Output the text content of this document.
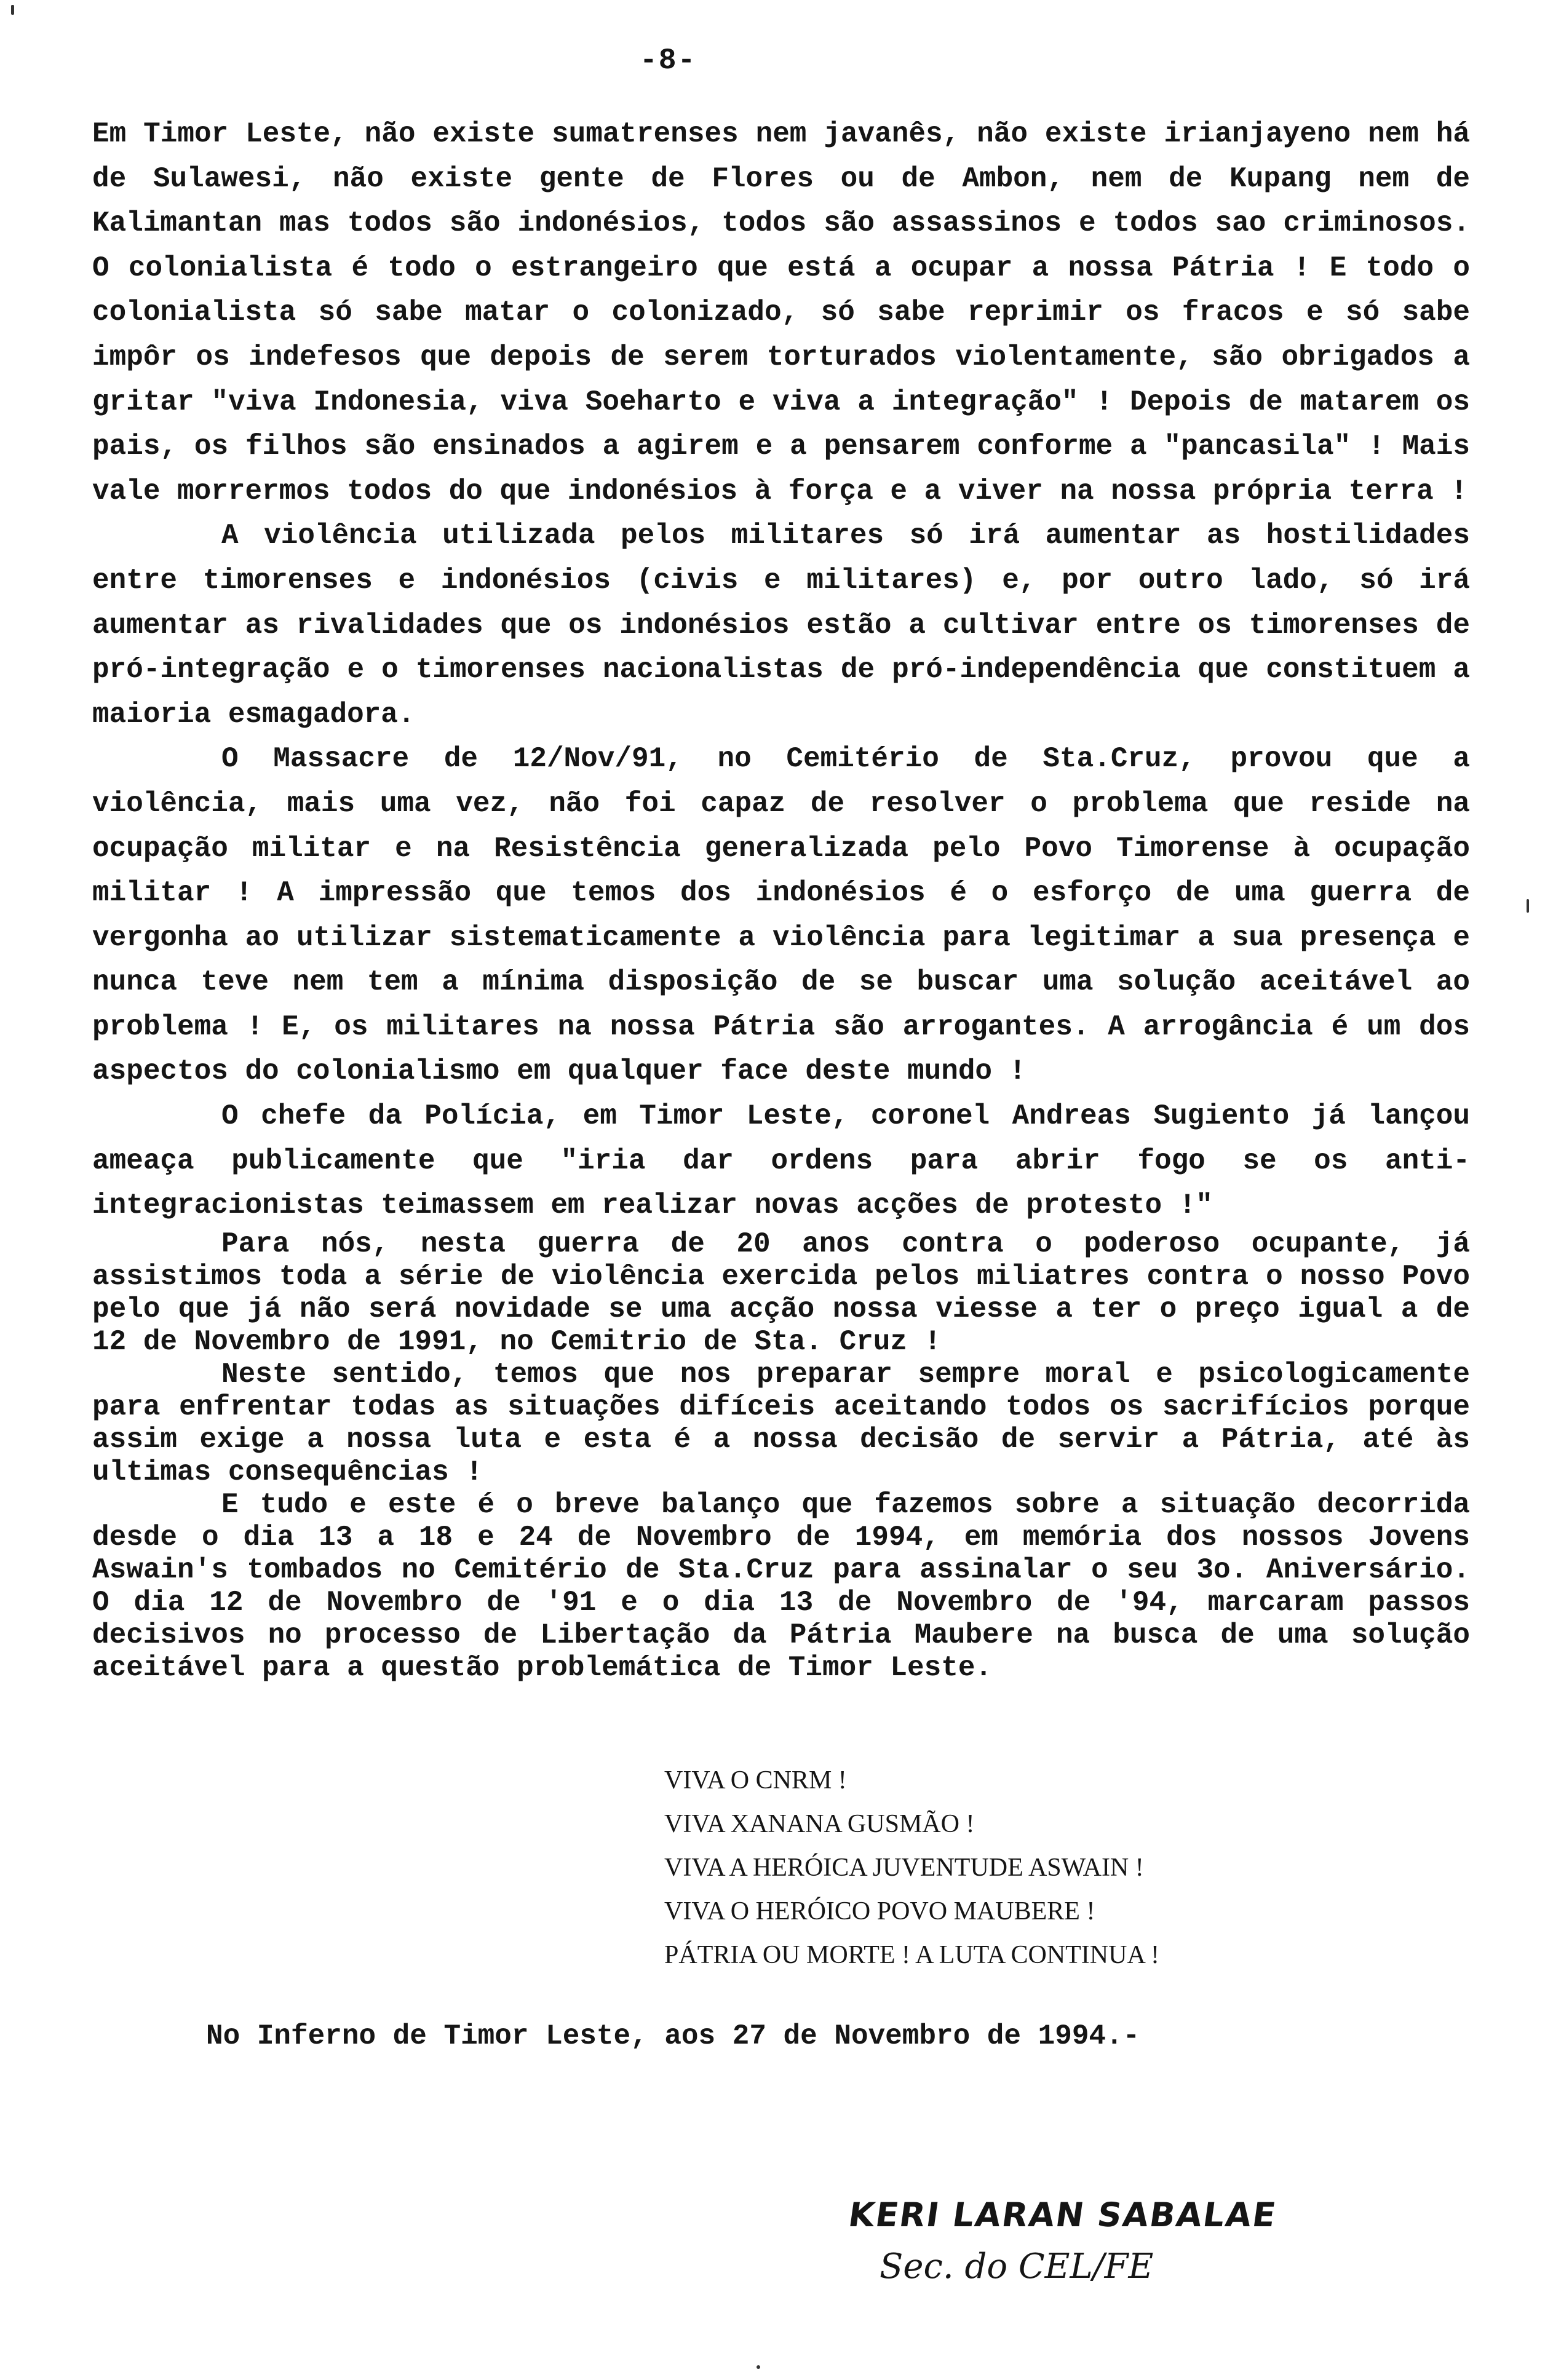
-8-

Em Timor Leste, não existe sumatrenses nem javanês, não existe irianjayeno nem há de Sulawesi, não existe gente de Flores ou de Ambon, nem de Kupang nem de Kalimantan mas todos são indonésios, todos são assassinos e todos sao criminosos. O colonialista é todo o estrangeiro que está a ocupar a nossa Pátria ! E todo o colonialista só sabe matar o colonizado, só sabe reprimir os fracos e só sabe impôr os indefesos que depois de serem torturados violentamente, são obrigados a gritar "viva Indonesia, viva Soeharto e viva a integração" ! Depois de matarem os pais, os filhos são ensinados a agirem e a pensarem conforme a "pancasila" ! Mais vale morrermos todos do que indonésios à força e a viver na nossa própria terra !

A violência utilizada pelos militares só irá aumentar as hostilidades entre timorenses e indonésios (civis e militares) e, por outro lado, só irá aumentar as rivalidades que os indonésios estão a cultivar entre os timorenses de pró-integração e o timorenses nacionalistas de pró-independência que constituem a maioria esmagadora.

O Massacre de 12/Nov/91, no Cemitério de Sta.Cruz, provou que a violência, mais uma vez, não foi capaz de resolver o problema que reside na ocupação militar e na Resistência generalizada pelo Povo Timorense à ocupação militar ! A impressão que temos dos indonésios é o esforço de uma guerra de vergonha ao utilizar sistematicamente a violência para legitimar a sua presença e nunca teve nem tem a mínima disposição de se buscar uma solução aceitável ao problema ! E, os militares na nossa Pátria são arrogantes. A arrogância é um dos aspectos do colonialismo em qualquer face deste mundo !

O chefe da Polícia, em Timor Leste, coronel Andreas Sugiento já lançou ameaça publicamente que "iria dar ordens para abrir fogo se os anti-integracionistas teimassem em realizar novas acções de protesto !"

Para nós, nesta guerra de 20 anos contra o poderoso ocupante, já assistimos toda a série de violência exercida pelos miliatres contra o nosso Povo pelo que já não será novidade se uma acção nossa viesse a ter o preço igual a de 12 de Novembro de 1991, no Cemitrio de Sta. Cruz !

Neste sentido, temos que nos preparar sempre moral e psicologicamente para enfrentar todas as situações difíceis aceitando todos os sacrifícios porque assim exige a nossa luta e esta é a nossa decisão de servir a Pátria, até às ultimas consequências !

E tudo e este é o breve balanço que fazemos sobre a situação decorrida desde o dia 13 a 18 e 24 de Novembro de 1994, em memória dos nossos Jovens Aswain's tombados no Cemitério de Sta.Cruz para assinalar o seu 3o. Aniversário. O dia 12 de Novembro de '91 e o dia 13 de Novembro de '94, marcaram passos decisivos no processo de Libertação da Pátria Maubere na busca de uma solução aceitável para a questão problemática de Timor Leste.

VIVA O CNRM !
VIVA XANANA GUSMÃO !
VIVA A HERÓICA JUVENTUDE ASWAIN !
VIVA O HERÓICO POVO MAUBERE !
PÁTRIA OU MORTE ! A LUTA CONTINUA !
No Inferno de Timor Leste, aos 27 de Novembro de 1994.-
KERI LARAN SABALAE
Sec. do CEL/FE
